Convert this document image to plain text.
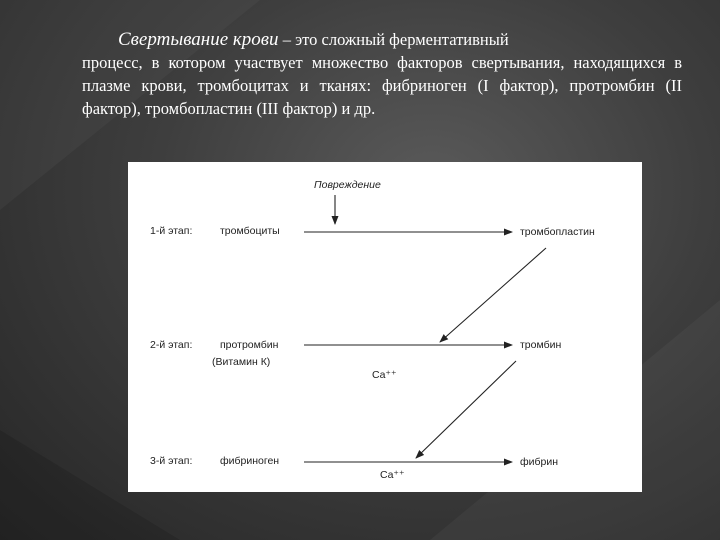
Свертывание крови – это сложный ферментативный
процесс, в котором участвует множество факторов свертывания, находящихся в плазме крови, тромбоцитах и тканях: фибриноген (I фактор), протромбин (II фактор), тромбопластин (III фактор) и др.
Повреждение
1-й этап:	тромбоциты	тромбопластин
2-й этап:	протромбин
(Витамин К)
тромбин
Ca⁺⁺
3-й этап:	фибриноген	фибрин
Ca⁺⁺
